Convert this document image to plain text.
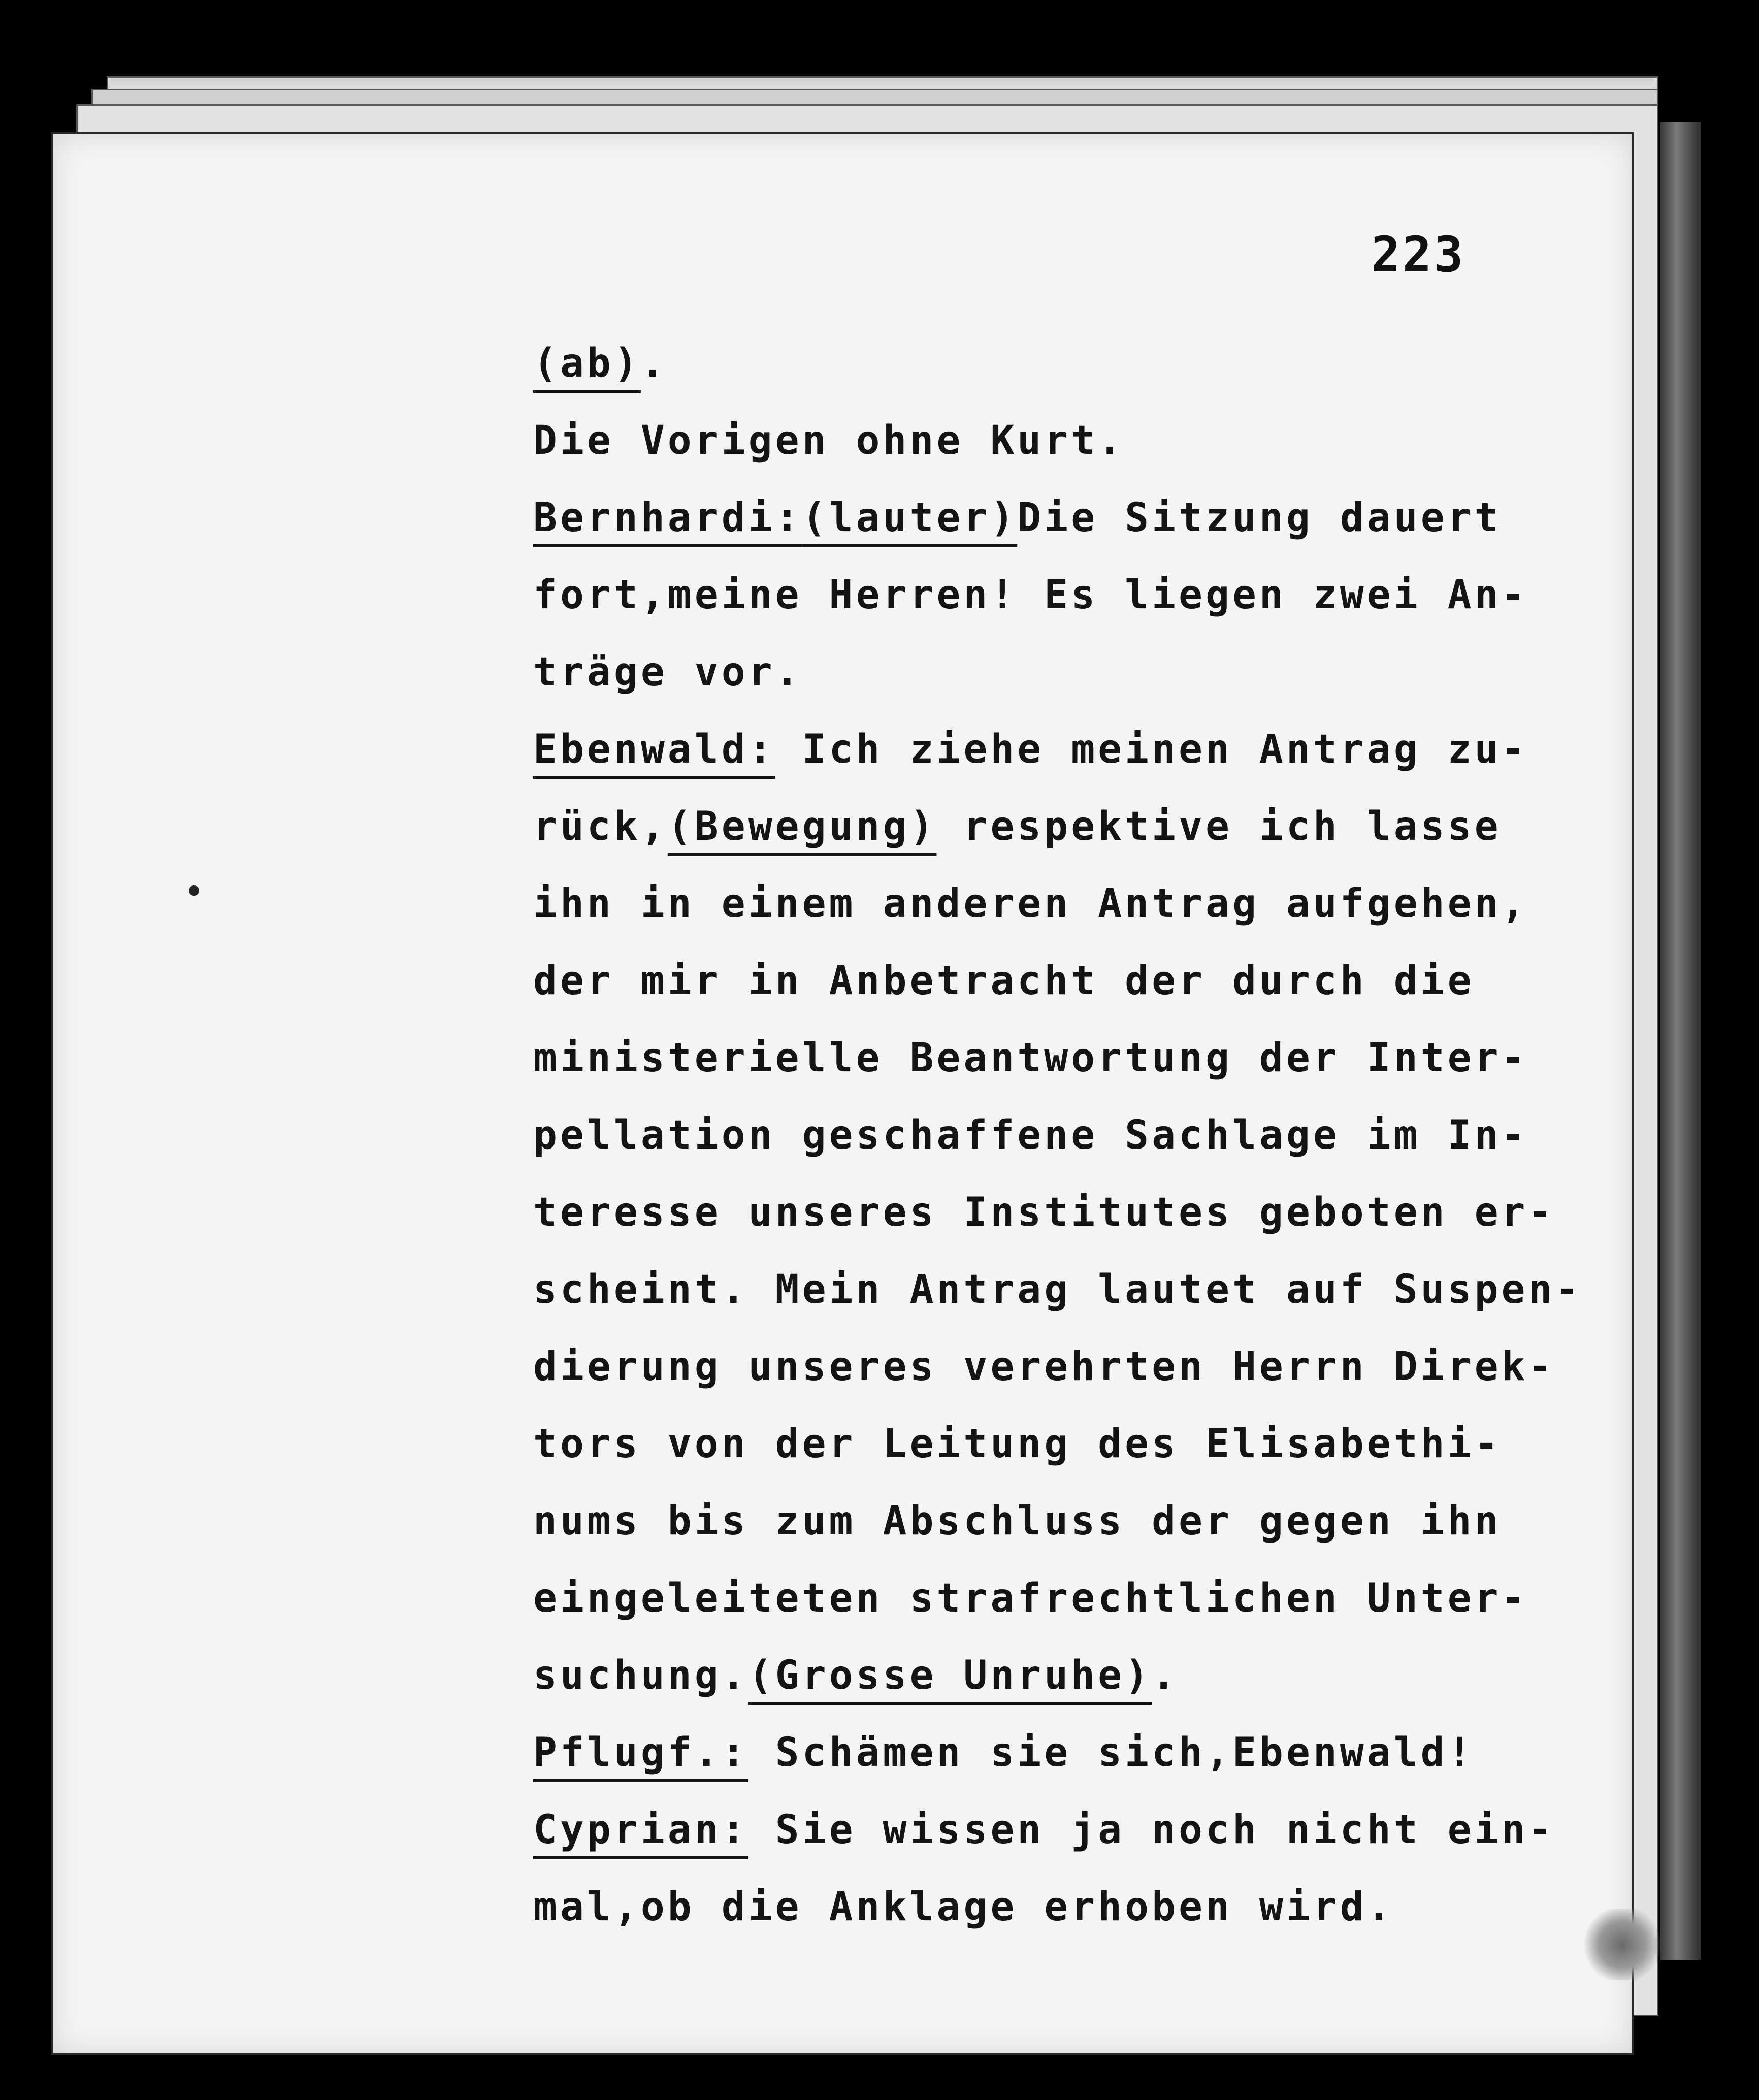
223
(ab).
Die Vorigen ohne Kurt.
Bernhardi:(lauter)Die Sitzung dauert
fort,meine Herren! Es liegen zwei An-
träge vor.
Ebenwald: Ich ziehe meinen Antrag zu-
rück,(Bewegung) respektive ich lasse
ihn in einem anderen Antrag aufgehen,
der mir in Anbetracht der durch die
ministerielle Beantwortung der Inter-
pellation geschaffene Sachlage im In-
teresse unseres Institutes geboten er-
scheint. Mein Antrag lautet auf Suspen-
dierung unseres verehrten Herrn Direk-
tors von der Leitung des Elisabethi-
nums bis zum Abschluss der gegen ihn
eingeleiteten strafrechtlichen Unter-
suchung.(Grosse Unruhe).
Pflugf.: Schämen sie sich,Ebenwald!
Cyprian: Sie wissen ja noch nicht ein-
mal,ob die Anklage erhoben wird.
